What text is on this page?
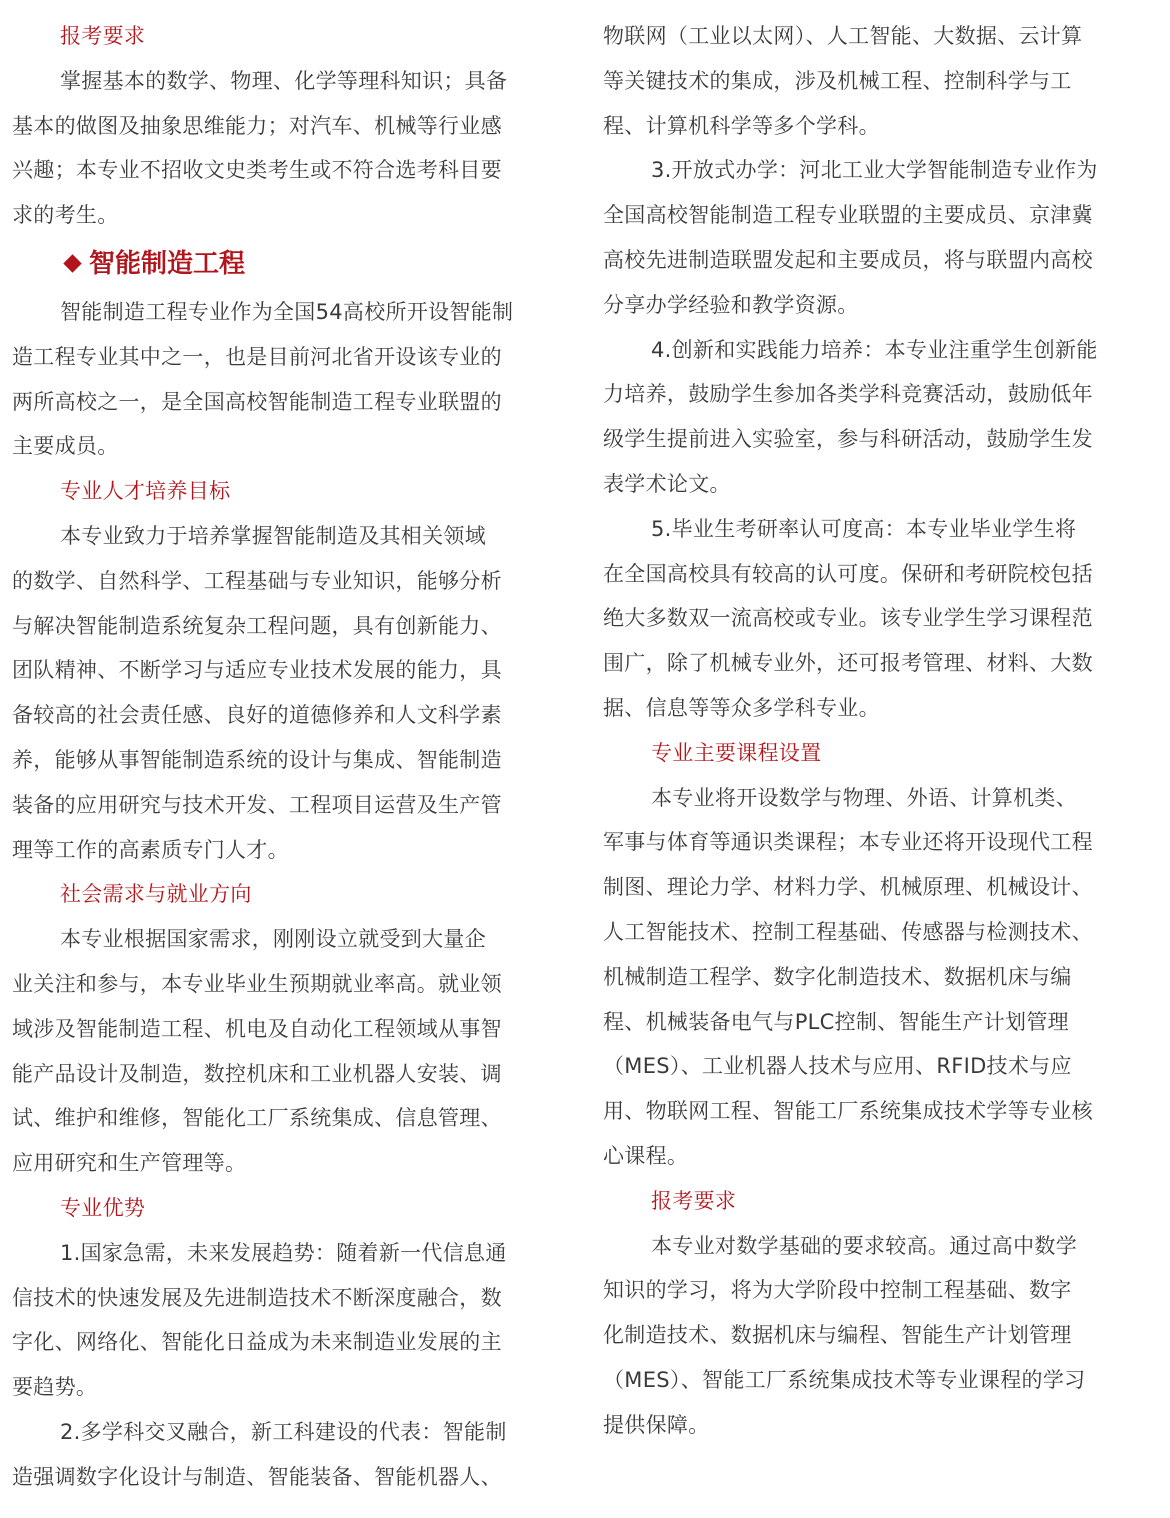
报考要求
掌握基本的数学、物理、化学等理科知识；具备
基本的做图及抽象思维能力；对汽车、机械等行业感
兴趣；本专业不招收文史类考生或不符合选考科目要
求的考生。
智能制造工程
智能制造工程专业作为全国54高校所开设智能制
造工程专业其中之一，也是目前河北省开设该专业的
两所高校之一，是全国高校智能制造工程专业联盟的
主要成员。
专业人才培养目标
本专业致力于培养掌握智能制造及其相关领域
的数学、自然科学、工程基础与专业知识，能够分析
与解决智能制造系统复杂工程问题，具有创新能力、
团队精神、不断学习与适应专业技术发展的能力，具
备较高的社会责任感、良好的道德修养和人文科学素
养，能够从事智能制造系统的设计与集成、智能制造
装备的应用研究与技术开发、工程项目运营及生产管
理等工作的高素质专门人才。
社会需求与就业方向
本专业根据国家需求，刚刚设立就受到大量企
业关注和参与，本专业毕业生预期就业率高。就业领
域涉及智能制造工程、机电及自动化工程领域从事智
能产品设计及制造，数控机床和工业机器人安装、调
试、维护和维修，智能化工厂系统集成、信息管理、
应用研究和生产管理等。
专业优势
1.国家急需，未来发展趋势：随着新一代信息通
信技术的快速发展及先进制造技术不断深度融合，数
字化、网络化、智能化日益成为未来制造业发展的主
要趋势。
2.多学科交叉融合，新工科建设的代表：智能制
造强调数字化设计与制造、智能装备、智能机器人、
物联网（工业以太网）、人工智能、大数据、云计算
等关键技术的集成，涉及机械工程、控制科学与工
程、计算机科学等多个学科。
3.开放式办学：河北工业大学智能制造专业作为
全国高校智能制造工程专业联盟的主要成员、京津冀
高校先进制造联盟发起和主要成员，将与联盟内高校
分享办学经验和教学资源。
4.创新和实践能力培养：本专业注重学生创新能
力培养，鼓励学生参加各类学科竞赛活动，鼓励低年
级学生提前进入实验室，参与科研活动，鼓励学生发
表学术论文。
5.毕业生考研率认可度高：本专业毕业学生将
在全国高校具有较高的认可度。保研和考研院校包括
绝大多数双一流高校或专业。该专业学生学习课程范
围广，除了机械专业外，还可报考管理、材料、大数
据、信息等等众多学科专业。
专业主要课程设置
本专业将开设数学与物理、外语、计算机类、
军事与体育等通识类课程；本专业还将开设现代工程
制图、理论力学、材料力学、机械原理、机械设计、
人工智能技术、控制工程基础、传感器与检测技术、
机械制造工程学、数字化制造技术、数据机床与编
程、机械装备电气与PLC控制、智能生产计划管理
（MES）、工业机器人技术与应用、RFID技术与应
用、物联网工程、智能工厂系统集成技术学等专业核
心课程。
报考要求
本专业对数学基础的要求较高。通过高中数学
知识的学习，将为大学阶段中控制工程基础、数字
化制造技术、数据机床与编程、智能生产计划管理
（MES）、智能工厂系统集成技术等专业课程的学习
提供保障。
